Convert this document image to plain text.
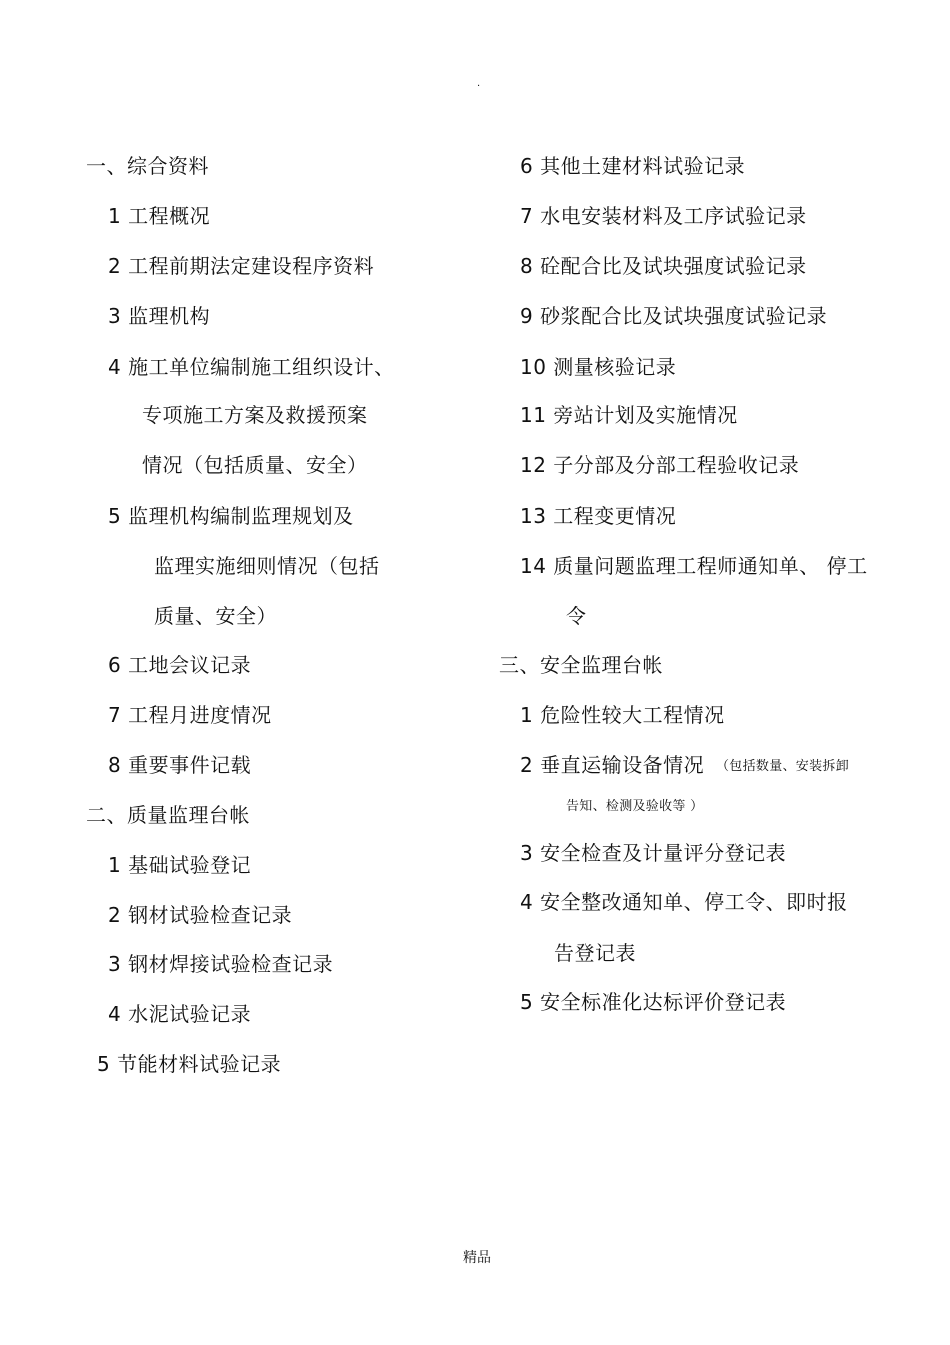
.
一、综合资料
1 工程概况
2 工程前期法定建设程序资料
3 监理机构
4 施工单位编制施工组织设计、
专项施工方案及救援预案
情况（包括质量、安全）
5 监理机构编制监理规划及
监理实施细则情况（包括
质量、安全）
6 工地会议记录
7 工程月进度情况
8 重要事件记载
二、质量监理台帐
1 基础试验登记
2 钢材试验检查记录
3 钢材焊接试验检查记录
4 水泥试验记录
5 节能材料试验记录
6 其他土建材料试验记录
7 水电安装材料及工序试验记录
8 砼配合比及试块强度试验记录
9 砂浆配合比及试块强度试验记录
10 测量核验记录
11 旁站计划及实施情况
12 子分部及分部工程验收记录
13 工程变更情况
14 质量问题监理工程师通知单、 停工
令
三、安全监理台帐
1 危险性较大工程情况
2 垂直运输设备情况 （包括数量、安装拆卸
告知、检测及验收等 ）
3 安全检查及计量评分登记表
4 安全整改通知单、停工令、即时报
告登记表
5 安全标准化达标评价登记表
精品
